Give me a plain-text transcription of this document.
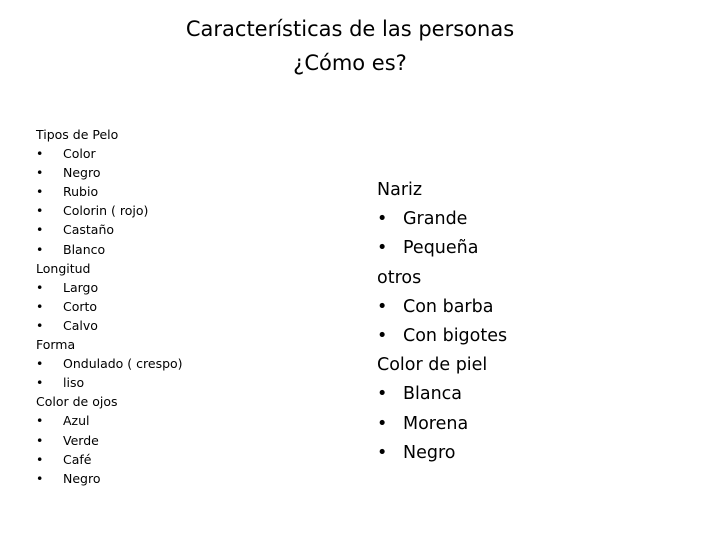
Características de las personas
¿Cómo es?
Tipos de Pelo
• Color
• Negro
• Rubio
• Colorin ( rojo)
• Castaño
• Blanco
Longitud
• Largo
• Corto
• Calvo
Forma
• Ondulado ( crespo)
• liso
Color de ojos
• Azul
• Verde
• Café
• Negro
Nariz
• Grande
• Pequeña
otros
• Con barba
• Con bigotes
Color de piel
• Blanca
• Morena
• Negro
